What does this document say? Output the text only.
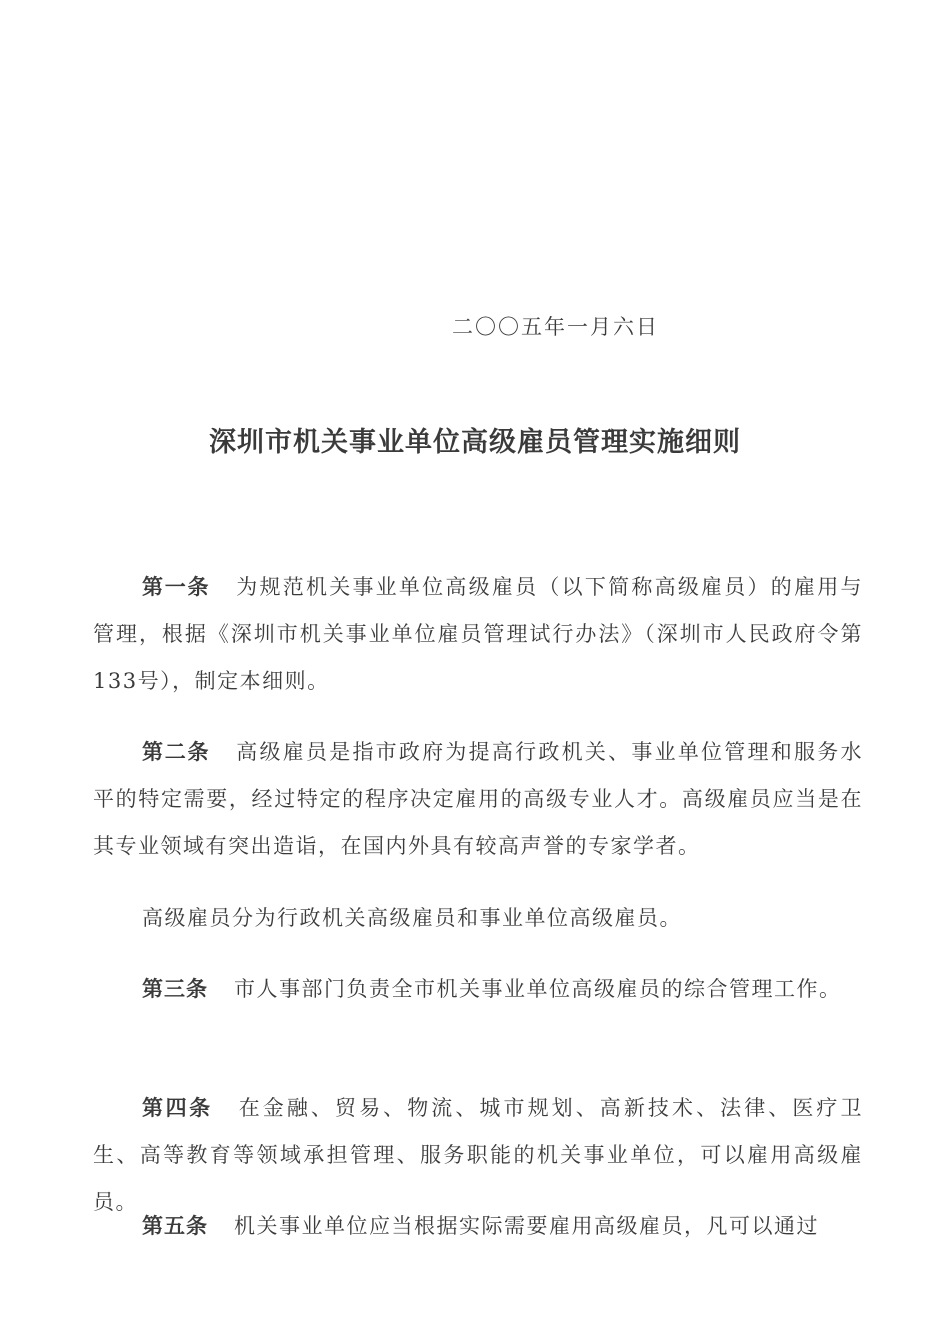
二〇〇五年一月六日
深圳市机关事业单位高级雇员管理实施细则

第一条 为规范机关事业单位高级雇员（以下简称高级雇员）的雇用与管理，根据《深圳市机关事业单位雇员管理试行办法》（深圳市人民政府令第133号），制定本细则。

第二条 高级雇员是指市政府为提高行政机关、事业单位管理和服务水平的特定需要，经过特定的程序决定雇用的高级专业人才。高级雇员应当是在其专业领域有突出造诣，在国内外具有较高声誉的专家学者。

高级雇员分为行政机关高级雇员和事业单位高级雇员。

第三条 市人事部门负责全市机关事业单位高级雇员的综合管理工作。

第四条 在金融、贸易、物流、城市规划、高新技术、法律、医疗卫生、高等教育等领域承担管理、服务职能的机关事业单位，可以雇用高级雇员。

第五条 机关事业单位应当根据实际需要雇用高级雇员，凡可以通过
